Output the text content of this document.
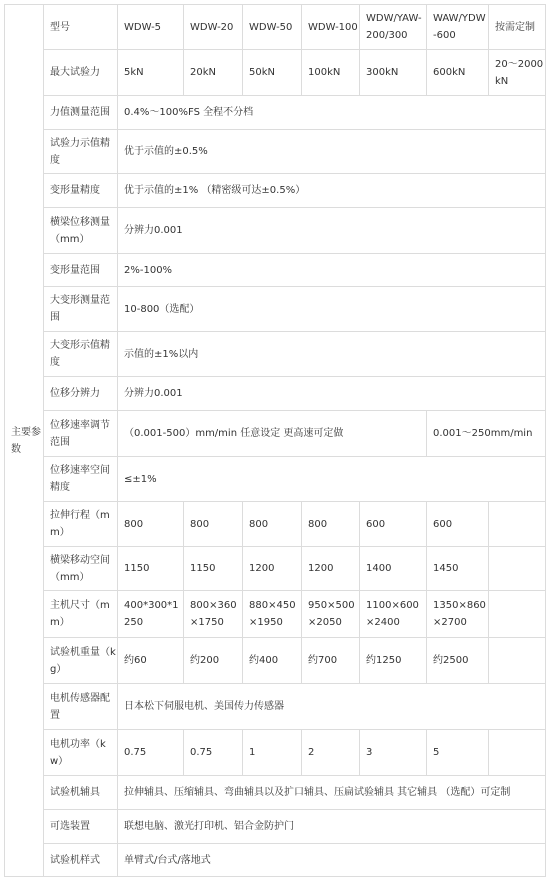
主要参数	型号	WDW-5	WDW-20	WDW-50	WDW-100	WDW/YAW-200/300	WAW/YDW-600	按需定制
	最大试验力	5kN	20kN	50kN	100kN	300kN	600kN	20～2000kN
	力值测量范围	0.4%～100%FS 全程不分档						
	试验力示值精度	优于示值的±0.5%						
	变形量精度	优于示值的±1% （精密级可达±0.5%）						
	横梁位移测量（mm）	分辨力0.001						
	变形量范围	2%-100%						
	大变形测量范围	10-800（选配）						
	大变形示值精度	示值的±1%以内						
	位移分辨力	分辨力0.001						
	位移速率调节范围	（0.001-500）mm/min 任意设定 更高速可定做					0.001～250mm/min	
	位移速率空间精度	≤±1%						
	拉伸行程（mm）	800	800	800	800	600	600	
	横梁移动空间（mm）	1150	1150	1200	1200	1400	1450	
	主机尺寸（mm）	400*300*1250	800×360×1750	880×450×1950	950×500×2050	1100×600×2400	1350×860×2700	
	试验机重量（kg）	约60	约200	约400	约700	约1250	约2500	
	电机传感器配置	日本松下伺服电机、美国传力传感器						
	电机功率（kw）	0.75	0.75	1	2	3	5	
	试验机辅具	拉伸辅具、压缩辅具、弯曲辅具以及扩口辅具、压扁试验辅具 其它辅具 （选配）可定制						
	可选装置	联想电脑、激光打印机、铝合金防护门						
	试验机样式	单臂式/台式/落地式						
